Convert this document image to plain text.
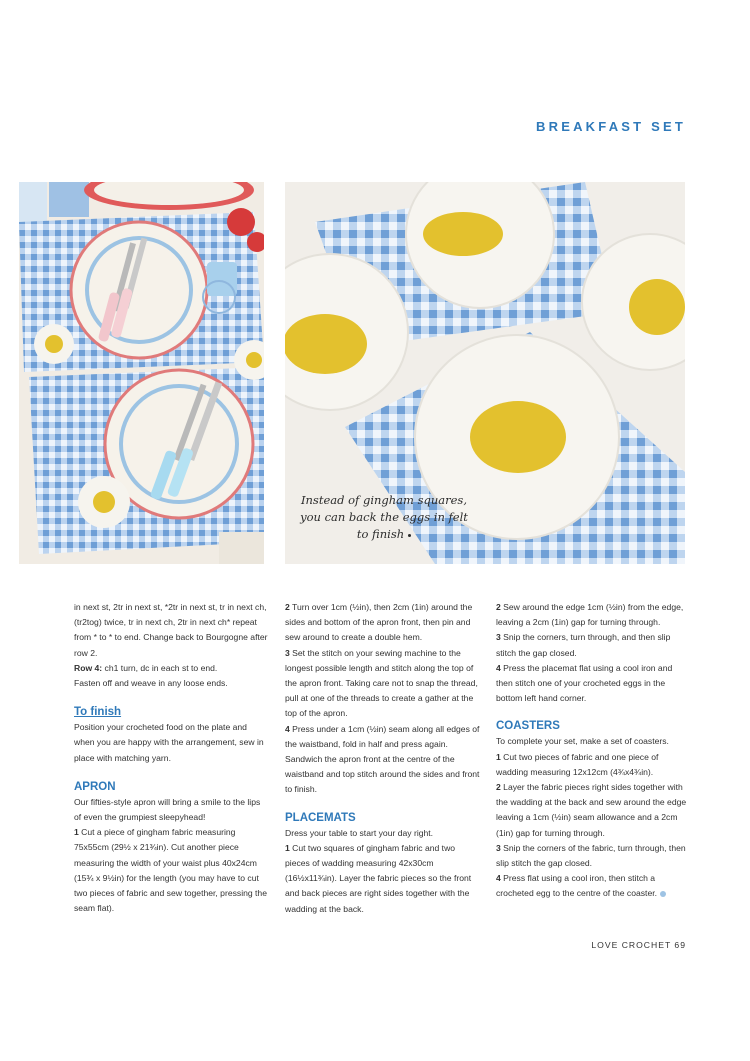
BREAKFAST SET
Instead of gingham squares, you can back the eggs in felt to finish

in next st, 2tr in next st, *2tr in next st, tr in next ch, (tr2tog) twice, tr in next ch, 2tr in next ch* repeat from * to * to end. Change back to Bourgogne after row 2.

Row 4: ch1 turn, dc in each st to end.

Fasten off and weave in any loose ends.

To finish

Position your crocheted food on the plate and when you are happy with the arrangement, sew in place with matching yarn.

APRON

Our fifties-style apron will bring a smile to the lips of even the grumpiest sleepyhead!

1 Cut a piece of gingham fabric measuring 75x55cm (29½ x 21¾in). Cut another piece measuring the width of your waist plus 40x24cm (15¾ x 9½in) for the length (you may have to cut two pieces of fabric and sew together, pressing the seam flat).

2 Turn over 1cm (½in), then 2cm (1in) around the sides and bottom of the apron front, then pin and sew around to create a double hem.

3 Set the stitch on your sewing machine to the longest possible length and stitch along the top of the apron front. Taking care not to snap the thread, pull at one of the threads to create a gather at the top of the apron.

4 Press under a 1cm (½in) seam along all edges of the waistband, fold in half and press again. Sandwich the apron front at the centre of the waistband and top stitch around the sides and front to finish.

PLACEMATS

Dress your table to start your day right.

1 Cut two squares of gingham fabric and two pieces of wadding measuring 42x30cm (16½x11¾in). Layer the fabric pieces so the front and back pieces are right sides together with the wadding at the back.

2 Sew around the edge 1cm (½in) from the edge, leaving a 2cm (1in) gap for turning through.

3 Snip the corners, turn through, and then slip stitch the gap closed.

4 Press the placemat flat using a cool iron and then stitch one of your crocheted eggs in the bottom left hand corner.

COASTERS

To complete your set, make a set of coasters.

1 Cut two pieces of fabric and one piece of wadding measuring 12x12cm (4¾x4¾in).

2 Layer the fabric pieces right sides together with the wadding at the back and sew around the edge leaving a 1cm (½in) seam allowance and a 2cm (1in) gap for turning through.

3 Snip the corners of the fabric, turn through, then slip stitch the gap closed.

4 Press flat using a cool iron, then stitch a crocheted egg to the centre of the coaster.

LOVE CROCHET 69
